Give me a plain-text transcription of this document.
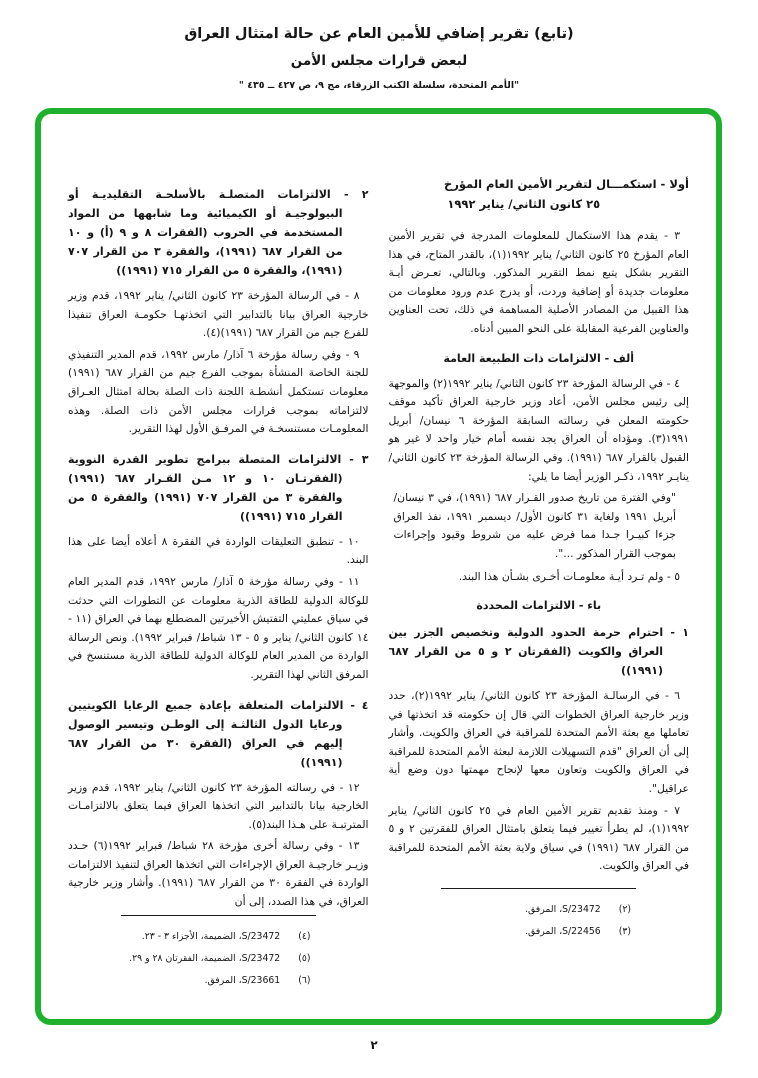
(تابع) تقرير إضافي للأمين العام عن حالة امتثال العراق
لبعض قرارات مجلس الأمن
"الأمم المتحدة، سلسلة الكتب الزرقاء، مج ٩، ص ٤٢٧ ــ ٤٣٥ "
أولا - استكمـــال لتقرير الأمين العام المؤرخ
٢٥ كانون الثاني/ يناير ١٩٩٢
٣ - يقدم هذا الاستكمال للمعلومات المدرجة في تقرير الأمين العام المؤرخ ٢٥ كانون الثاني/ يناير ١٩٩٢(١)، بالقدر المتاح، في هذا التقرير بشكل يتبع نمط التقرير المذكور. وبالتالي، تعـرض أيـة معلومات جديدة أو إضافية وردت، أو يدرج عدم ورود معلومات من هذا القبيل من المصادر الأصلية المساهمة في ذلك، تحت العناوين والعناوين الفرعية المقابلة على النحو المبين أدناه.
ألف - الالتزامات ذات الطبيعة العامة
٤ - في الرسالة المؤرخة ٢٣ كانون الثاني/ يناير ١٩٩٢(٢) والموجهة إلى رئيس مجلس الأمن، أعاد وزير خارجية العراق تأكيد موقف حكومته المعلن في رسالته السابقة المؤرخة ٦ نيسان/ أبريل ١٩٩١(٣). ومؤداه أن العراق يجد نفسه أمام خيار واحد لا غير هو القبول بالقرار ٦٨٧ (١٩٩١). وفي الرسالة المؤرخة ٢٣ كانون الثاني/ ينايـر ١٩٩٢، ذكـر الوزير أيضا ما يلي:
"وفي الفترة من تاريخ صدور القـرار ٦٨٧ (١٩٩١)، في ٣ نيسان/ أبريل ١٩٩١ ولغاية ٣١ كانون الأول/ ديسمبر ١٩٩١، نفذ العراق جزءا كبيـرا جـدا مما فرض عليه من شروط وقيود وإجراءات بموجب القرار المذكور ...".
٥ - ولم تـرد أيـة معلومـات أخـرى بشـأن هذا البند.
باء - الالتزامات المحددة
١ - احترام حرمة الحدود الدولية وتخصيص الجزر بين العراق والكويت (الفقرتان ٢ و ٥ من القرار ٦٨٧ (١٩٩١))
٦ - في الرسالـة المؤرخة ٢٣ كانون الثاني/ يناير ١٩٩٢(٢)، حدد وزير خارجية العراق الخطوات التي قال إن حكومته قد اتخذتها في تعاملها مع بعثة الأمم المتحدة للمراقبة في العراق والكويت. وأشار إلى أن العراق "قدم التسهيلات اللازمة لبعثة الأمم المتحدة للمراقبة في العراق والكويت وتعاون معها لإنجاح مهمتها دون وضع أية عراقيل".
٧ - ومنذ تقديم تقرير الأمين العام في ٢٥ كانون الثاني/ يناير ١٩٩٢(١)، لم يطرأ تغيير فيما يتعلق بامتثال العراق للفقرتين ٢ و ٥ من القرار ٦٨٧ (١٩٩١) في سياق ولاية بعثة الأمم المتحدة للمراقبة في العراق والكويت.
(٢)S/23472، المرفق.
(٣)S/22456، المرفق.
٢ - الالتزامات المتصلـة بالأسلحـة التقليديـة أو البيولوجيـة أو الكيميائية وما شابهها من المواد المستخدمة في الحروب (الفقرات ٨ و ٩ (أ) و ١٠ من القرار ٦٨٧ (١٩٩١)، والفقرة ٣ من القرار ٧٠٧ (١٩٩١)، والفقرة ٥ من القرار ٧١٥ (١٩٩١))
٨ - في الرسالة المؤرخة ٢٣ كانون الثاني/ يناير ١٩٩٢، قدم وزير خارجية العراق بيانا بالتدابير التي اتخذتهـا حكومـة العراق تنفيذا للفرع جيم من القرار ٦٨٧ (١٩٩١)(٤).
٩ - وفي رسالة مؤرخة ٦ آذار/ مارس ١٩٩٢، قدم المدير التنفيذي للجنة الخاصة المنشأة بموجب الفرع جيم من القرار ٦٨٧ (١٩٩١) معلومات تستكمل أنشطـة اللجنة ذات الصلة بحالة امتثال العـراق لالتزاماته بموجب قرارات مجلس الأمن ذات الصلة. وهذه المعلومـات مستنسخـة في المرفـق الأول لهذا التقرير.
٣ - الالتزامات المتصلة ببرامج تطوير القدرة النووية (الفقرتـان ١٠ و ١٢ مـن القـرار ٦٨٧ (١٩٩١) والفقرة ٣ من القرار ٧٠٧ (١٩٩١) والفقرة ٥ من القرار ٧١٥ (١٩٩١))
١٠ - تنطبق التعليقات الواردة في الفقرة ٨ أعلاه أيضا على هذا البند.
١١ - وفي رسالة مؤرخة ٥ آذار/ مارس ١٩٩٢، قدم المدير العام للوكالة الدولية للطاقة الذرية معلومات عن التطورات التي حدثت في سياق عمليتي التفتيش الأخيرتين المضطلع بهما في العراق (١١ - ١٤ كانون الثاني/ يناير و ٥ - ١٣ شباط/ فبراير ١٩٩٢). ونص الرسالة الواردة من المدير العام للوكالة الدولية للطاقة الذرية مستنسخ في المرفق الثاني لهذا التقرير.
٤ - الالتزامات المتعلقة بإعادة جميع الرعايا الكويتيين ورعايا الدول الثالثـة إلى الوطـن وتيسير الوصول إليهم في العراق (الفقرة ٣٠ من القرار ٦٨٧ (١٩٩١))
١٢ - في رسالته المؤرخة ٢٣ كانون الثاني/ يناير ١٩٩٢، قدم وزير الخارجية بيانا بالتدابير التي اتخذها العراق فيما يتعلق بالالتزامـات المترتبـة على هـذا البند(٥).
١٣ - وفي رسالة أخرى مؤرخة ٢٨ شباط/ فبراير ١٩٩٢(٦) حـدد وزيـر خارجيـة العراق الإجراءات التي اتخذها العراق لتنفيذ الالتزامات الواردة في الفقرة ٣٠ من القرار ٦٨٧ (١٩٩١). وأشار وزير خارجية العراق، في هذا الصدد، إلى أن
(٤)S/23472، الضميمة، الأجزاء ٣ - ٢٣.
(٥)S/23472، الضميمة، الفقرتان ٢٨ و ٢٩.
(٦)S/23661، المرفق.
٢
